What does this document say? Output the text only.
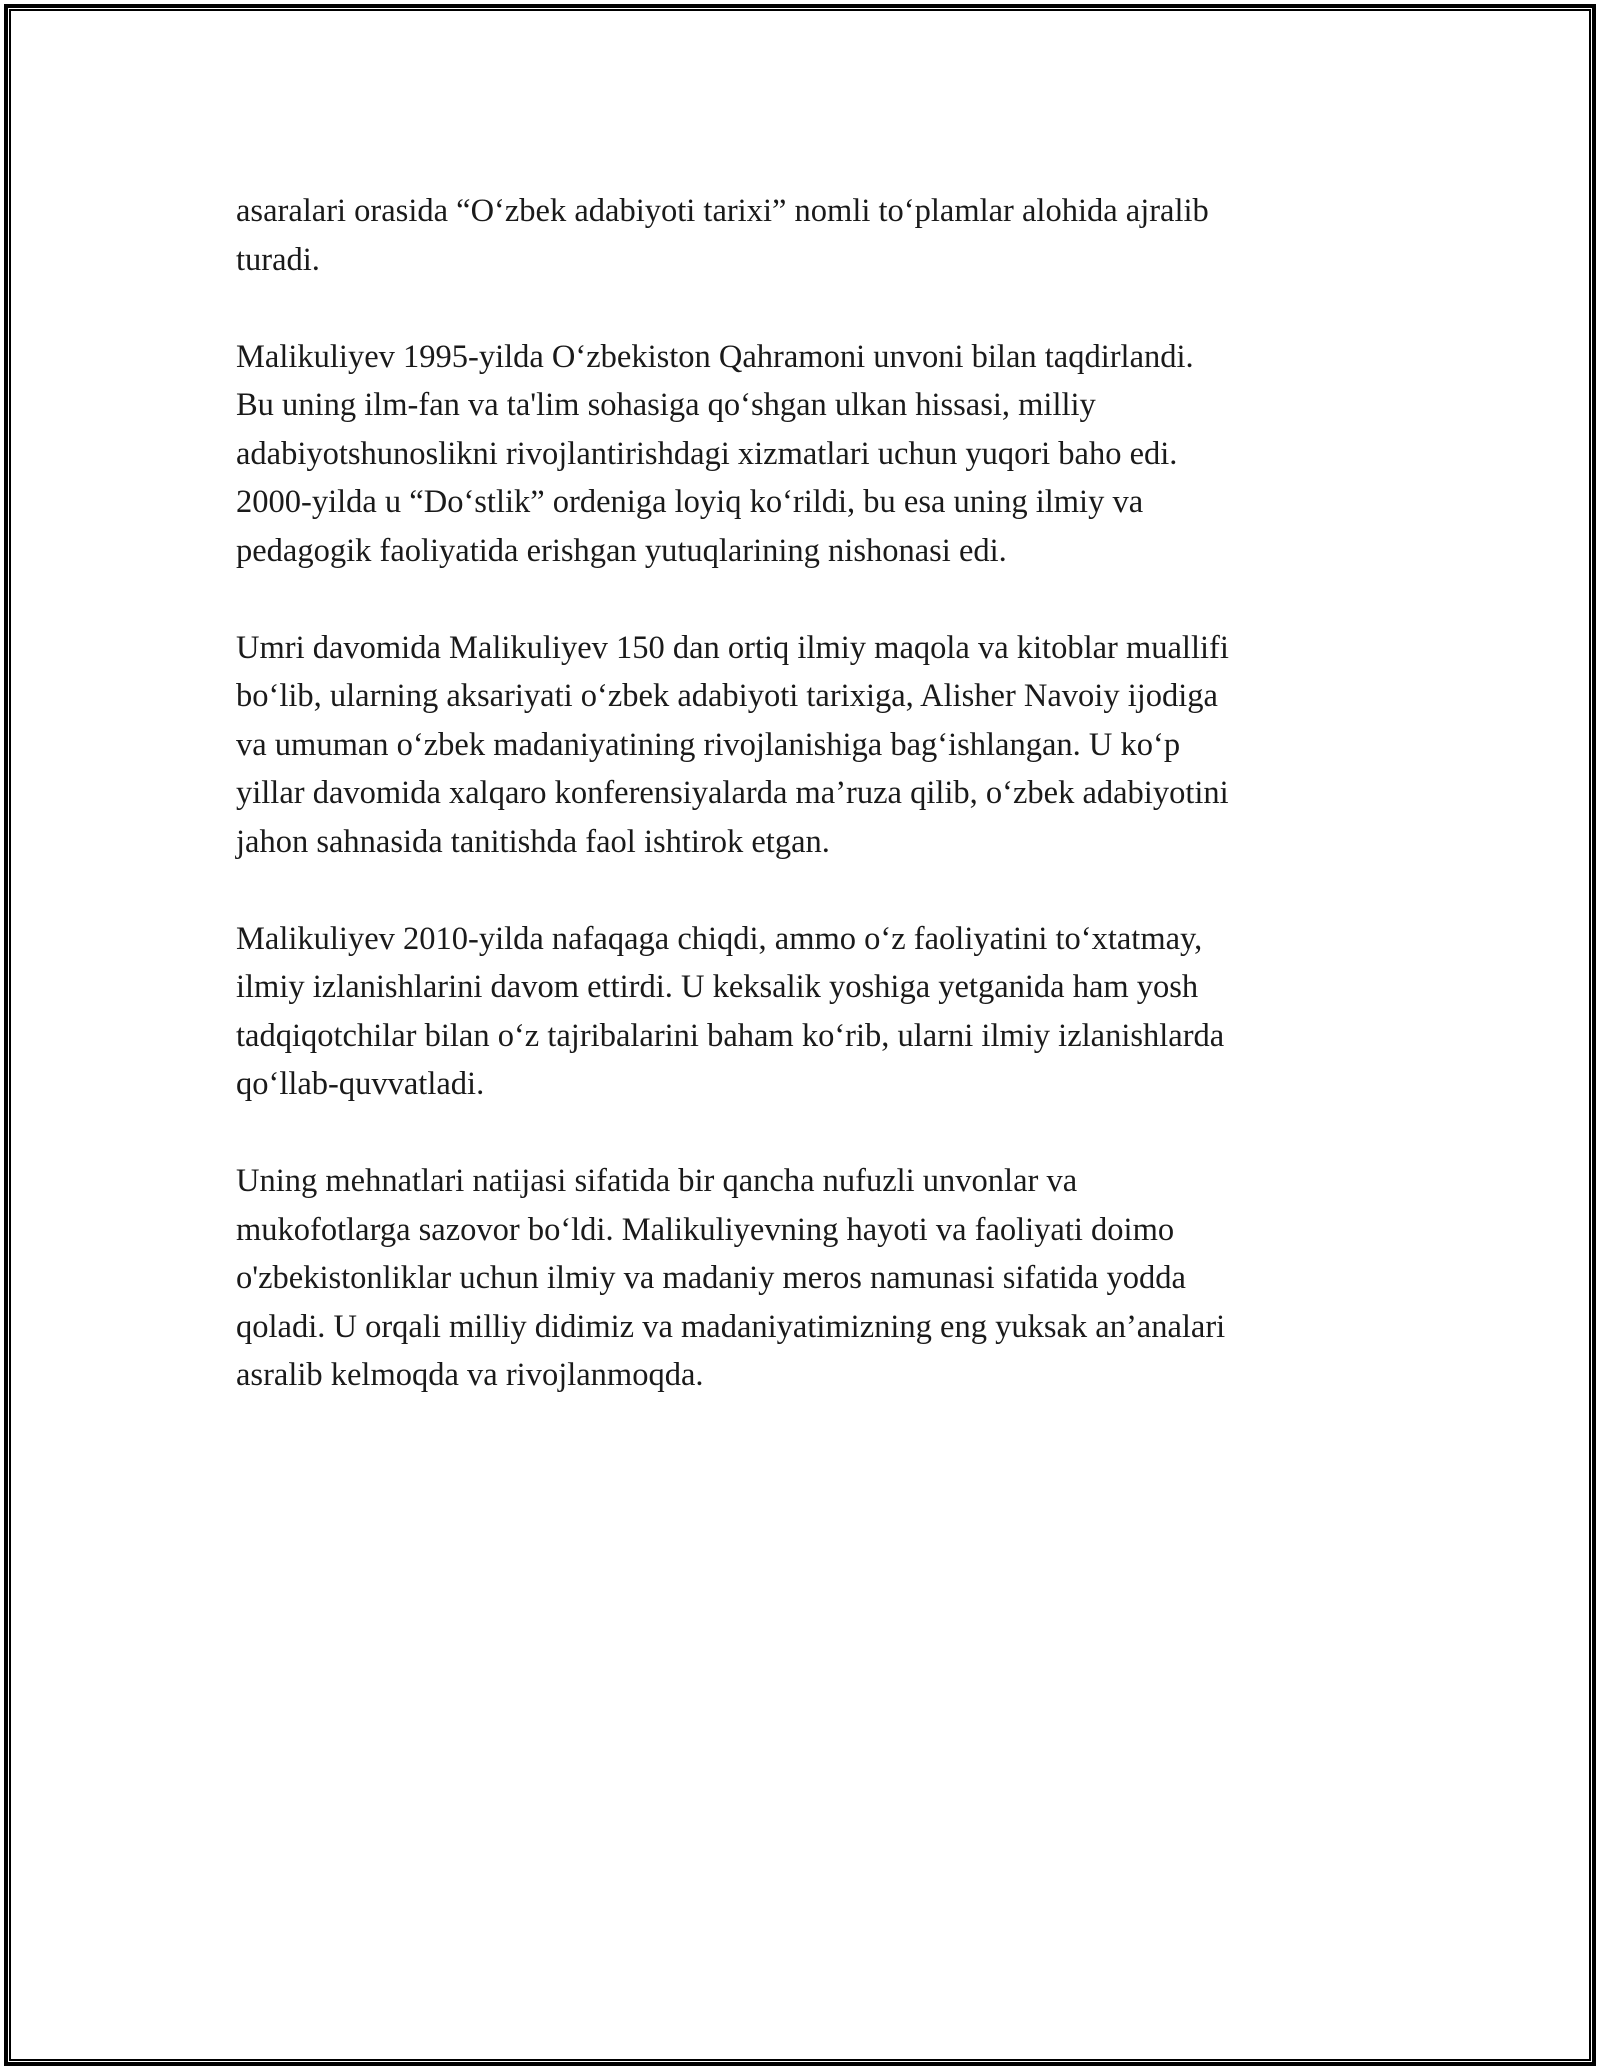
asaralari orasida “Oʻzbek adabiyoti tarixi” nomli toʻplamlar alohida ajralib
turadi.

Malikuliyev 1995-yilda Oʻzbekiston Qahramoni unvoni bilan taqdirlandi.
Bu uning ilm-fan va ta'lim sohasiga qoʻshgan ulkan hissasi, milliy
adabiyotshunoslikni rivojlantirishdagi xizmatlari uchun yuqori baho edi.
2000-yilda u “Doʻstlik” ordeniga loyiq koʻrildi, bu esa uning ilmiy va
pedagogik faoliyatida erishgan yutuqlarining nishonasi edi.

Umri davomida Malikuliyev 150 dan ortiq ilmiy maqola va kitoblar muallifi
boʻlib, ularning aksariyati oʻzbek adabiyoti tarixiga, Alisher Navoiy ijodiga
va umuman oʻzbek madaniyatining rivojlanishiga bagʻishlangan. U koʻp
yillar davomida xalqaro konferensiyalarda ma’ruza qilib, oʻzbek adabiyotini
jahon sahnasida tanitishda faol ishtirok etgan.

Malikuliyev 2010-yilda nafaqaga chiqdi, ammo oʻz faoliyatini toʻxtatmay,
ilmiy izlanishlarini davom ettirdi. U keksalik yoshiga yetganida ham yosh
tadqiqotchilar bilan oʻz tajribalarini baham koʻrib, ularni ilmiy izlanishlarda
qoʻllab-quvvatladi.

Uning mehnatlari natijasi sifatida bir qancha nufuzli unvonlar va
mukofotlarga sazovor boʻldi. Malikuliyevning hayoti va faoliyati doimo
o'zbekistonliklar uchun ilmiy va madaniy meros namunasi sifatida yodda
qoladi. U orqali milliy didimiz va madaniyatimizning eng yuksak an’analari
asralib kelmoqda va rivojlanmoqda.
